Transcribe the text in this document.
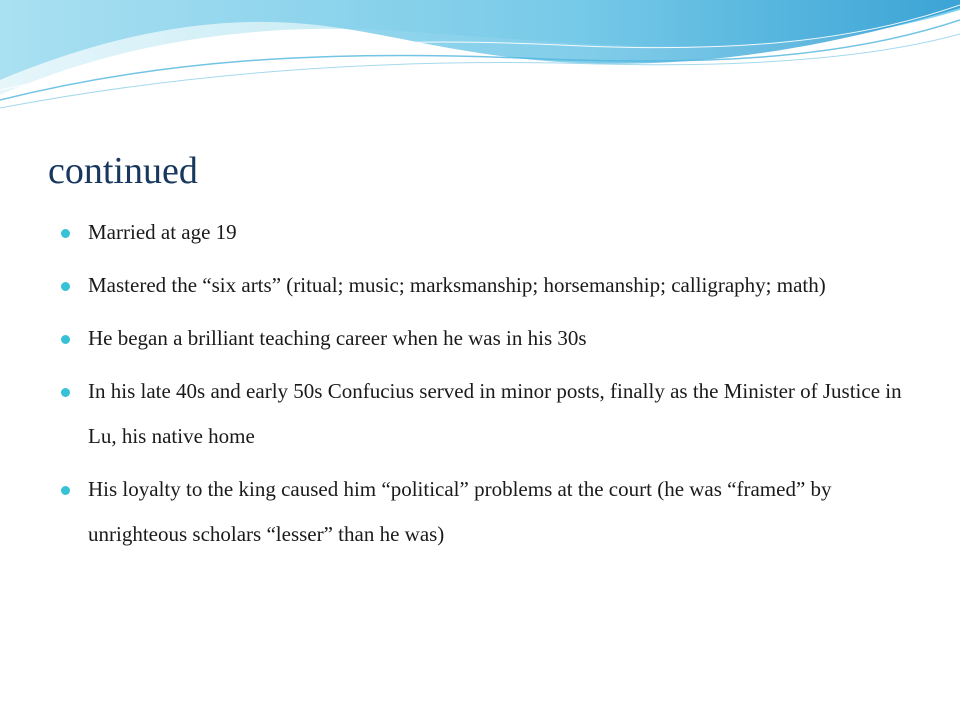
continued
Married at age 19
Mastered the “six arts” (ritual; music; marksmanship; horsemanship; calligraphy; math)
He began a brilliant teaching career when he was in his 30s
In his late 40s and early 50s Confucius served in minor posts, finally as the Minister of Justice in Lu, his native home
His loyalty to the king caused him “political” problems at the court (he was “framed” by unrighteous scholars “lesser” than he was)
